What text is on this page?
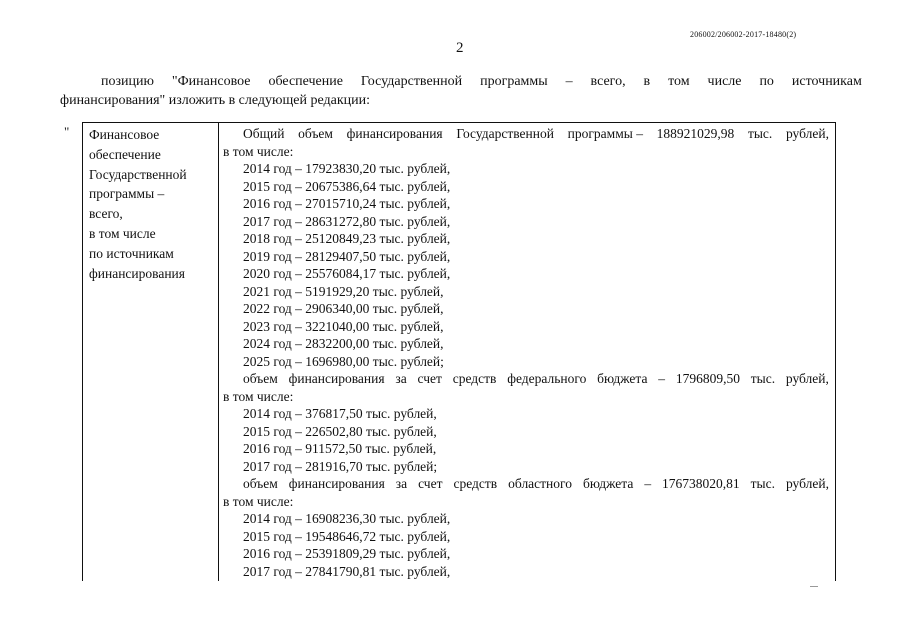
206002/206002-2017-18480(2)
2
позицию "Финансовое обеспечение Государственной программы – всего, в том числе по источникам
финансирования" изложить в следующей редакции:
" Финансовое
обеспечение
Государственной
программы –
всего,
в том числе
по источникам
финансирования
Общий объем финансирования Государственной программы – 188921029,98 тыс. рублей,
в том числе:
2014 год – 17923830,20 тыс. рублей,
2015 год – 20675386,64 тыс. рублей,
2016 год – 27015710,24 тыс. рублей,
2017 год – 28631272,80 тыс. рублей,
2018 год – 25120849,23 тыс. рублей,
2019 год – 28129407,50 тыс. рублей,
2020 год – 25576084,17 тыс. рублей,
2021 год – 5191929,20 тыс. рублей,
2022 год – 2906340,00 тыс. рублей,
2023 год – 3221040,00 тыс. рублей,
2024 год – 2832200,00 тыс. рублей,
2025 год – 1696980,00 тыс. рублей;
объем финансирования за счет средств федерального бюджета – 1796809,50 тыс. рублей,
в том числе:
2014 год – 376817,50 тыс. рублей,
2015 год – 226502,80 тыс. рублей,
2016 год – 911572,50 тыс. рублей,
2017 год – 281916,70 тыс. рублей;
объем финансирования за счет средств областного бюджета – 176738020,81 тыс. рублей,
в том числе:
2014 год – 16908236,30 тыс. рублей,
2015 год – 19548646,72 тыс. рублей,
2016 год – 25391809,29 тыс. рублей,
2017 год – 27841790,81 тыс. рублей,
